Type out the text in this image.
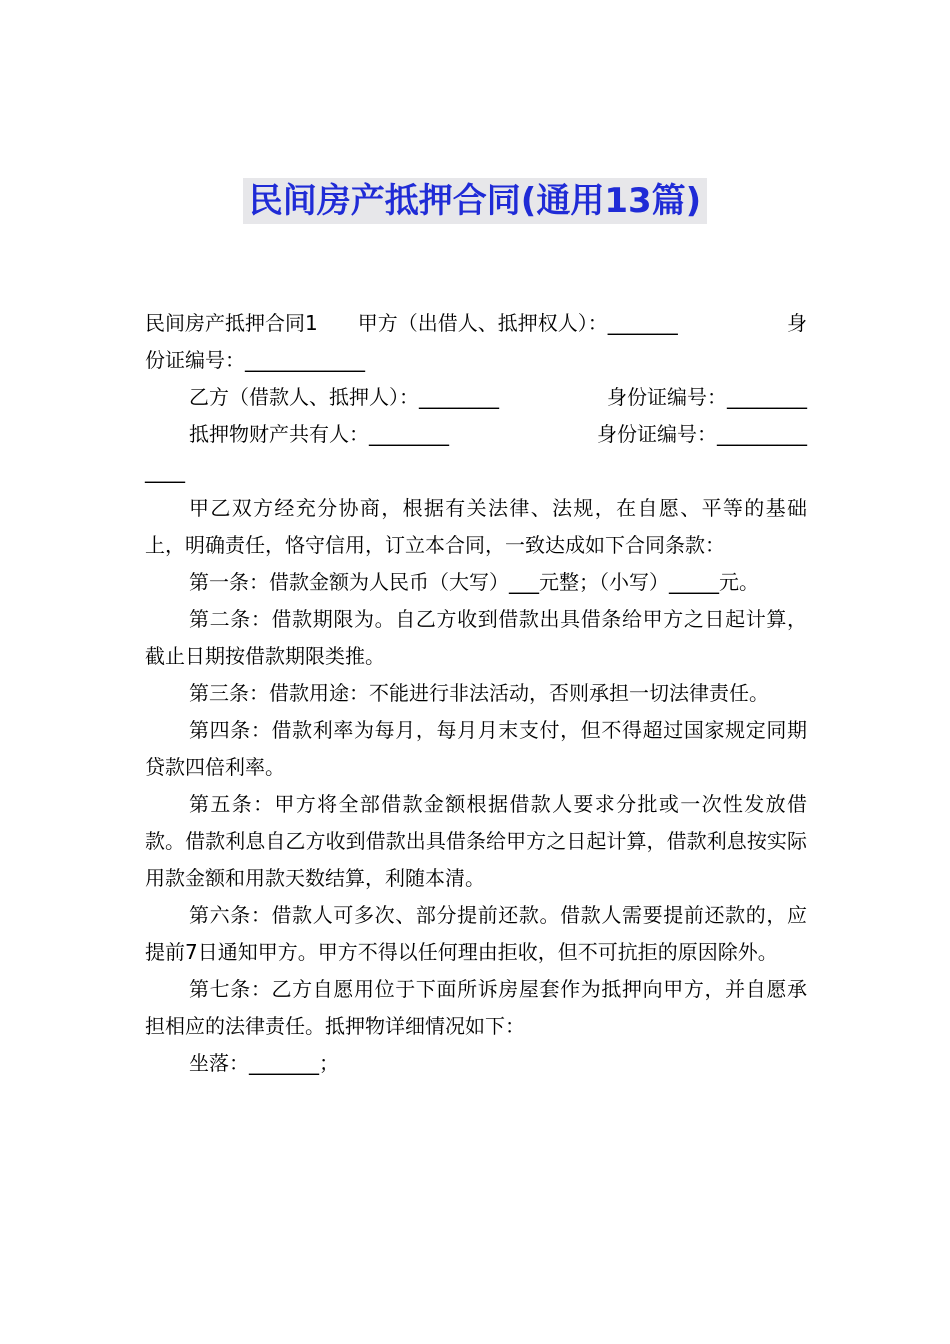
民间房产抵押合同(通用13篇)
民间房产抵押合同1　　甲方（出借人、抵押权人）：_______	身

份证编号：____________

乙方（借款人、抵押人）：________	身份证编号：________
抵押物财产共有人：________	身份证编号：_________

____

甲乙双方经充分协商，根据有关法律、法规，在自愿、平等的基础上，明确责任，恪守信用，订立本合同，一致达成如下合同条款：

第一条：借款金额为人民币（大写）___元整；（小写）_____元。

第二条：借款期限为。自乙方收到借款出具借条给甲方之日起计算，截止日期按借款期限类推。

第三条：借款用途：不能进行非法活动，否则承担一切法律责任。

第四条：借款利率为每月，每月月末支付，但不得超过国家规定同期贷款四倍利率。

第五条：甲方将全部借款金额根据借款人要求分批或一次性发放借款。借款利息自乙方收到借款出具借条给甲方之日起计算，借款利息按实际用款金额和用款天数结算，利随本清。

第六条：借款人可多次、部分提前还款。借款人需要提前还款的，应提前7日通知甲方。甲方不得以任何理由拒收，但不可抗拒的原因除外。

第七条：乙方自愿用位于下面所诉房屋套作为抵押向甲方，并自愿承担相应的法律责任。抵押物详细情况如下：

坐落：_______；
